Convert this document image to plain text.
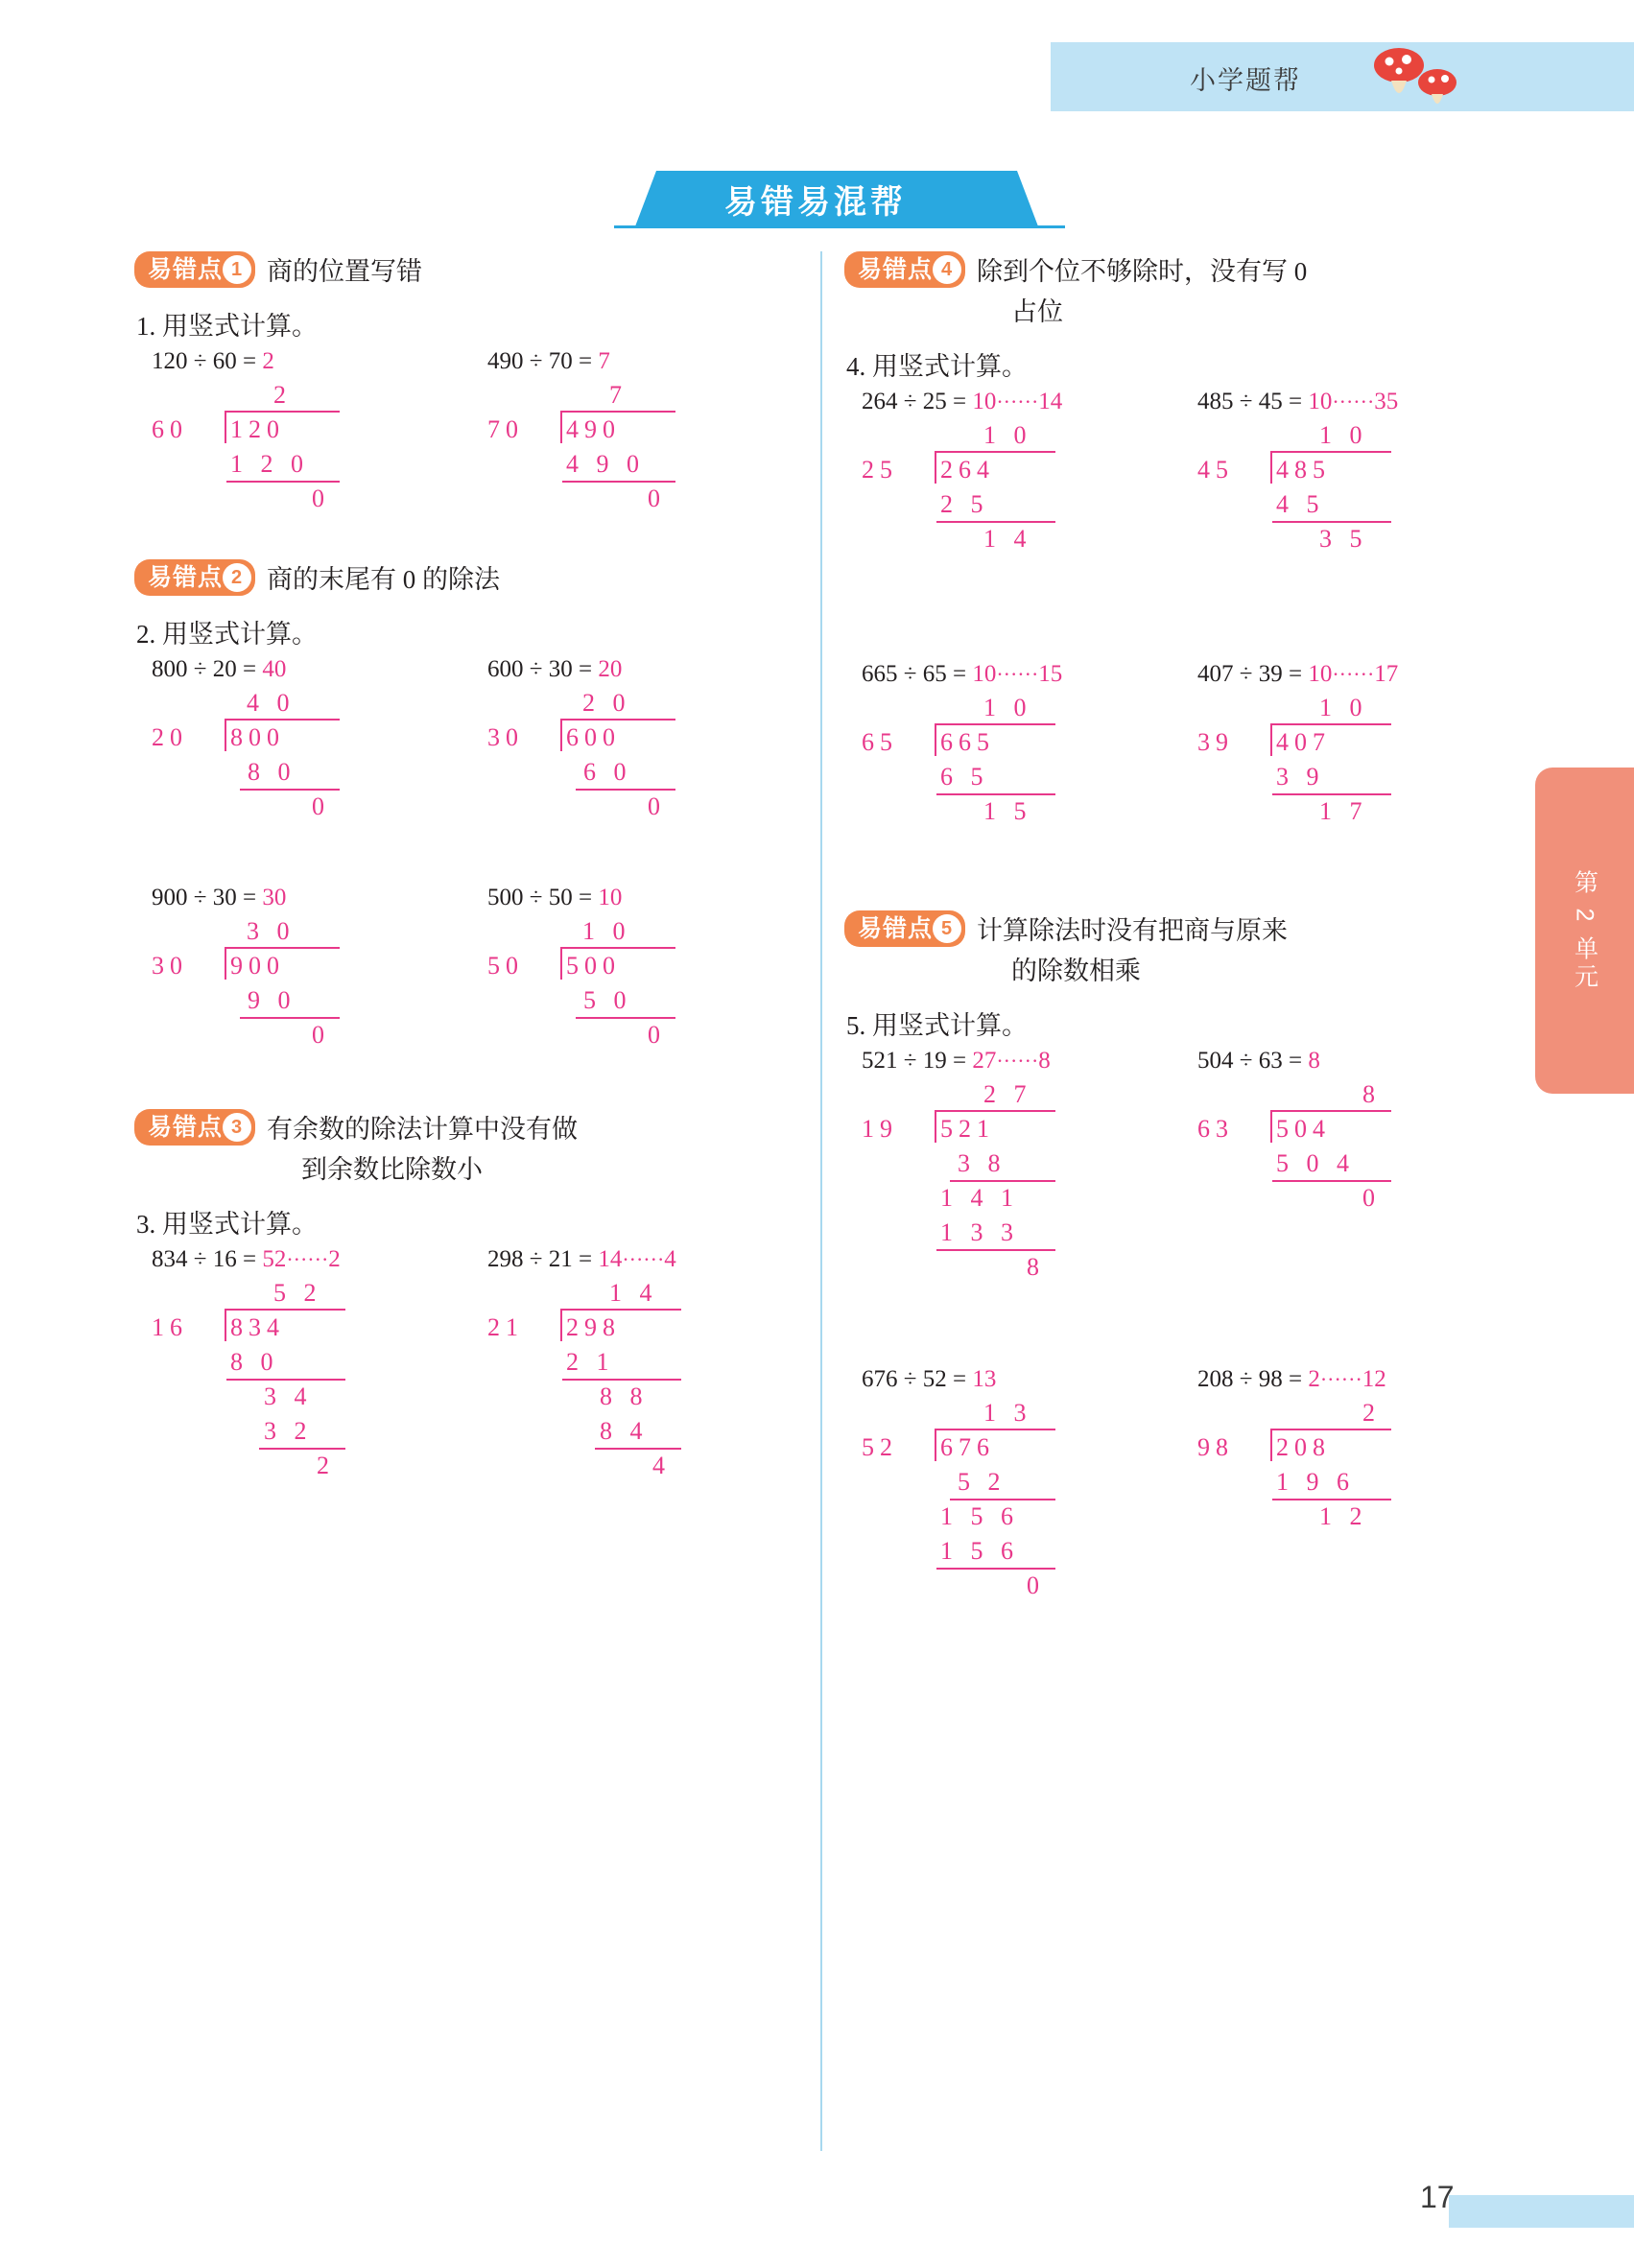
小学题帮
易错易混帮
易错点 1 商的位置写错
1. 用竖式计算。
120 ÷ 60 = 2
2
60 120
1 2 0
0
490 ÷ 70 = 7
7
70 490
4 9 0
0
易错点 2 商的末尾有 0 的除法
2. 用竖式计算。
800 ÷ 20 = 40
4 0
20 800
8 0
0
600 ÷ 30 = 20
2 0
30 600
6 0
0
900 ÷ 30 = 30
3 0
30 900
9 0
0
500 ÷ 50 = 10
1 0
50 500
5 0
0
易错点 3 有余数的除法计算中没有做
到余数比除数小
3. 用竖式计算。
834 ÷ 16 = 52······2
5 2
16 834
8 0
3 4
3 2
2
298 ÷ 21 = 14······4
1 4
21 298
2 1
8 8
8 4
4
易错点 4 除到个位不够除时，没有写 0
占位
4. 用竖式计算。
264 ÷ 25 = 10······14
1 0
25 264
2 5
1 4
485 ÷ 45 = 10······35
1 0
45 485
4 5
3 5
665 ÷ 65 = 10······15
1 0
65 665
6 5
1 5
407 ÷ 39 = 10······17
1 0
39 407
3 9
1 7
易错点 5 计算除法时没有把商与原来
的除数相乘
5. 用竖式计算。
521 ÷ 19 = 27······8
2 7
19 521
3 8
1 4 1
1 3 3
8
504 ÷ 63 = 8
8
63 504
5 0 4
0
676 ÷ 52 = 13
1 3
52 676
5 2
1 5 6
1 5 6
0
208 ÷ 98 = 2······12
2
98 208
1 9 6
1 2
第 2 单元
17
